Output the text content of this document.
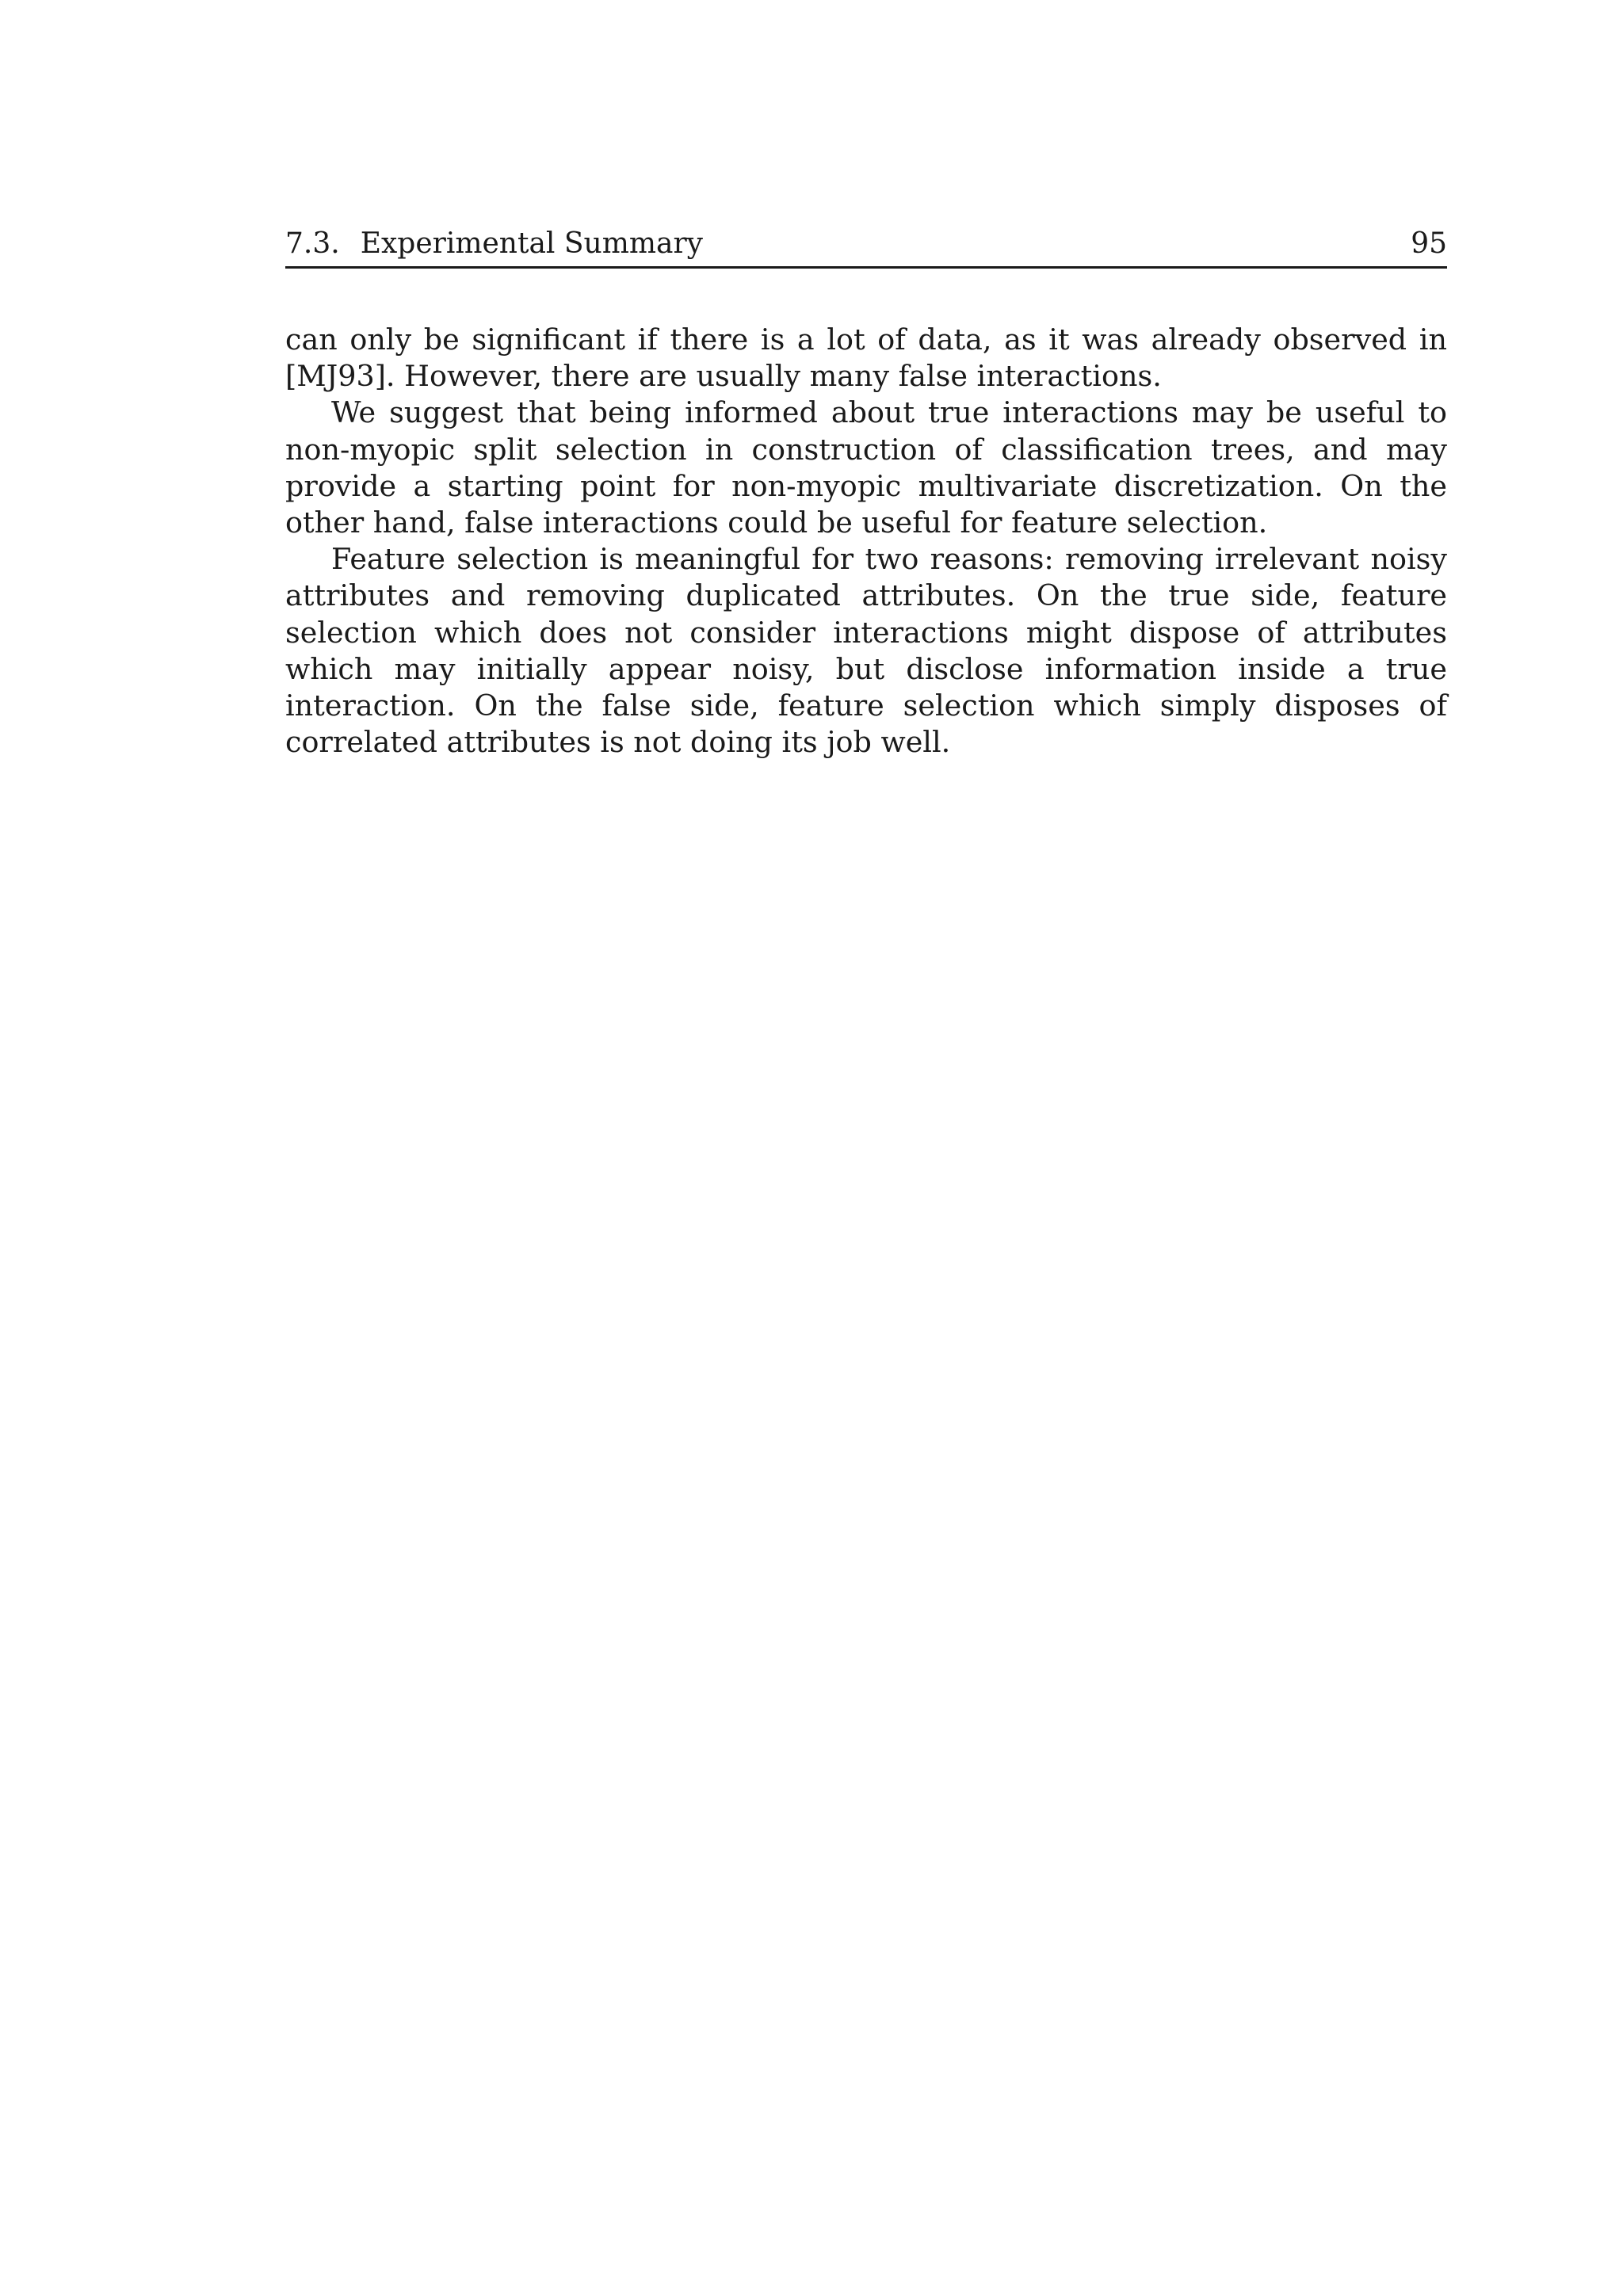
7.3. Experimental Summary	95

can only be significant if there is a lot of data, as it was already observed in [MJ93]. However, there are usually many false interactions.

We suggest that being informed about true interactions may be useful to non-myopic split selection in construction of classification trees, and may provide a starting point for non-myopic multivariate discretization. On the other hand, false interactions could be useful for feature selection.

Feature selection is meaningful for two reasons: removing irrelevant noisy attributes and removing duplicated attributes. On the true side, feature selection which does not consider interactions might dispose of attributes which may initially appear noisy, but disclose information inside a true interaction. On the false side, feature selection which simply disposes of correlated attributes is not doing its job well.
